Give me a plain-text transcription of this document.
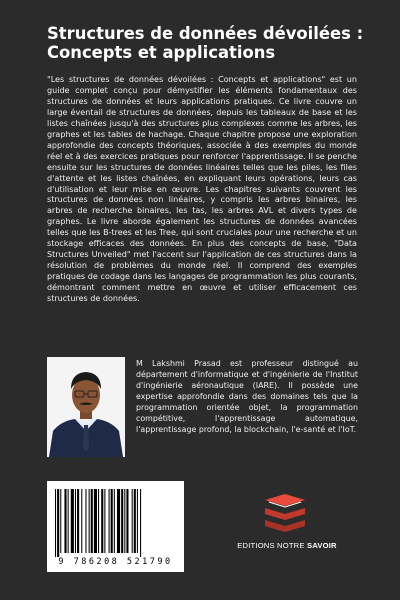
Structures de données dévoilées : Concepts et applications

"Les structures de données dévoilées : Concepts et applications" est un guide complet conçu pour démystifier les éléments fondamentaux des structures de données et leurs applications pratiques. Ce livre couvre un large éventail de structures de données, depuis les tableaux de base et les listes chaînées jusqu'à des structures plus complexes comme les arbres, les graphes et les tables de hachage. Chaque chapitre propose une exploration approfondie des concepts théoriques, associée à des exemples du monde réel et à des exercices pratiques pour renforcer l'apprentissage. Il se penche ensuite sur les structures de données linéaires telles que les piles, les files d'attente et les listes chaînées, en expliquant leurs opérations, leurs cas d'utilisation et leur mise en œuvre. Les chapitres suivants couvrent les structures de données non linéaires, y compris les arbres binaires, les arbres de recherche binaires, les tas, les arbres AVL et divers types de graphes. Le livre aborde également les structures de données avancées telles que les B-trees et les Tree, qui sont cruciales pour une recherche et un stockage efficaces des données. En plus des concepts de base, "Data Structures Unveiled" met l'accent sur l'application de ces structures dans la résolution de problèmes du monde réel. Il comprend des exemples pratiques de codage dans les langages de programmation les plus courants, démontrant comment mettre en œuvre et utiliser efficacement ces structures de données.

M Lakshmi Prasad est professeur distingué au département d'informatique et d'ingénierie de l'Institut d'ingénierie aéronautique (IARE). Il possède une expertise approfondie dans des domaines tels que la programmation orientée objet, la programmation compétitive, l'apprentissage automatique, l'apprentissage profond, la blockchain, l'e-santé et l'IoT.

9 786208 521790
EDITIONS NOTRE SAVOIR
